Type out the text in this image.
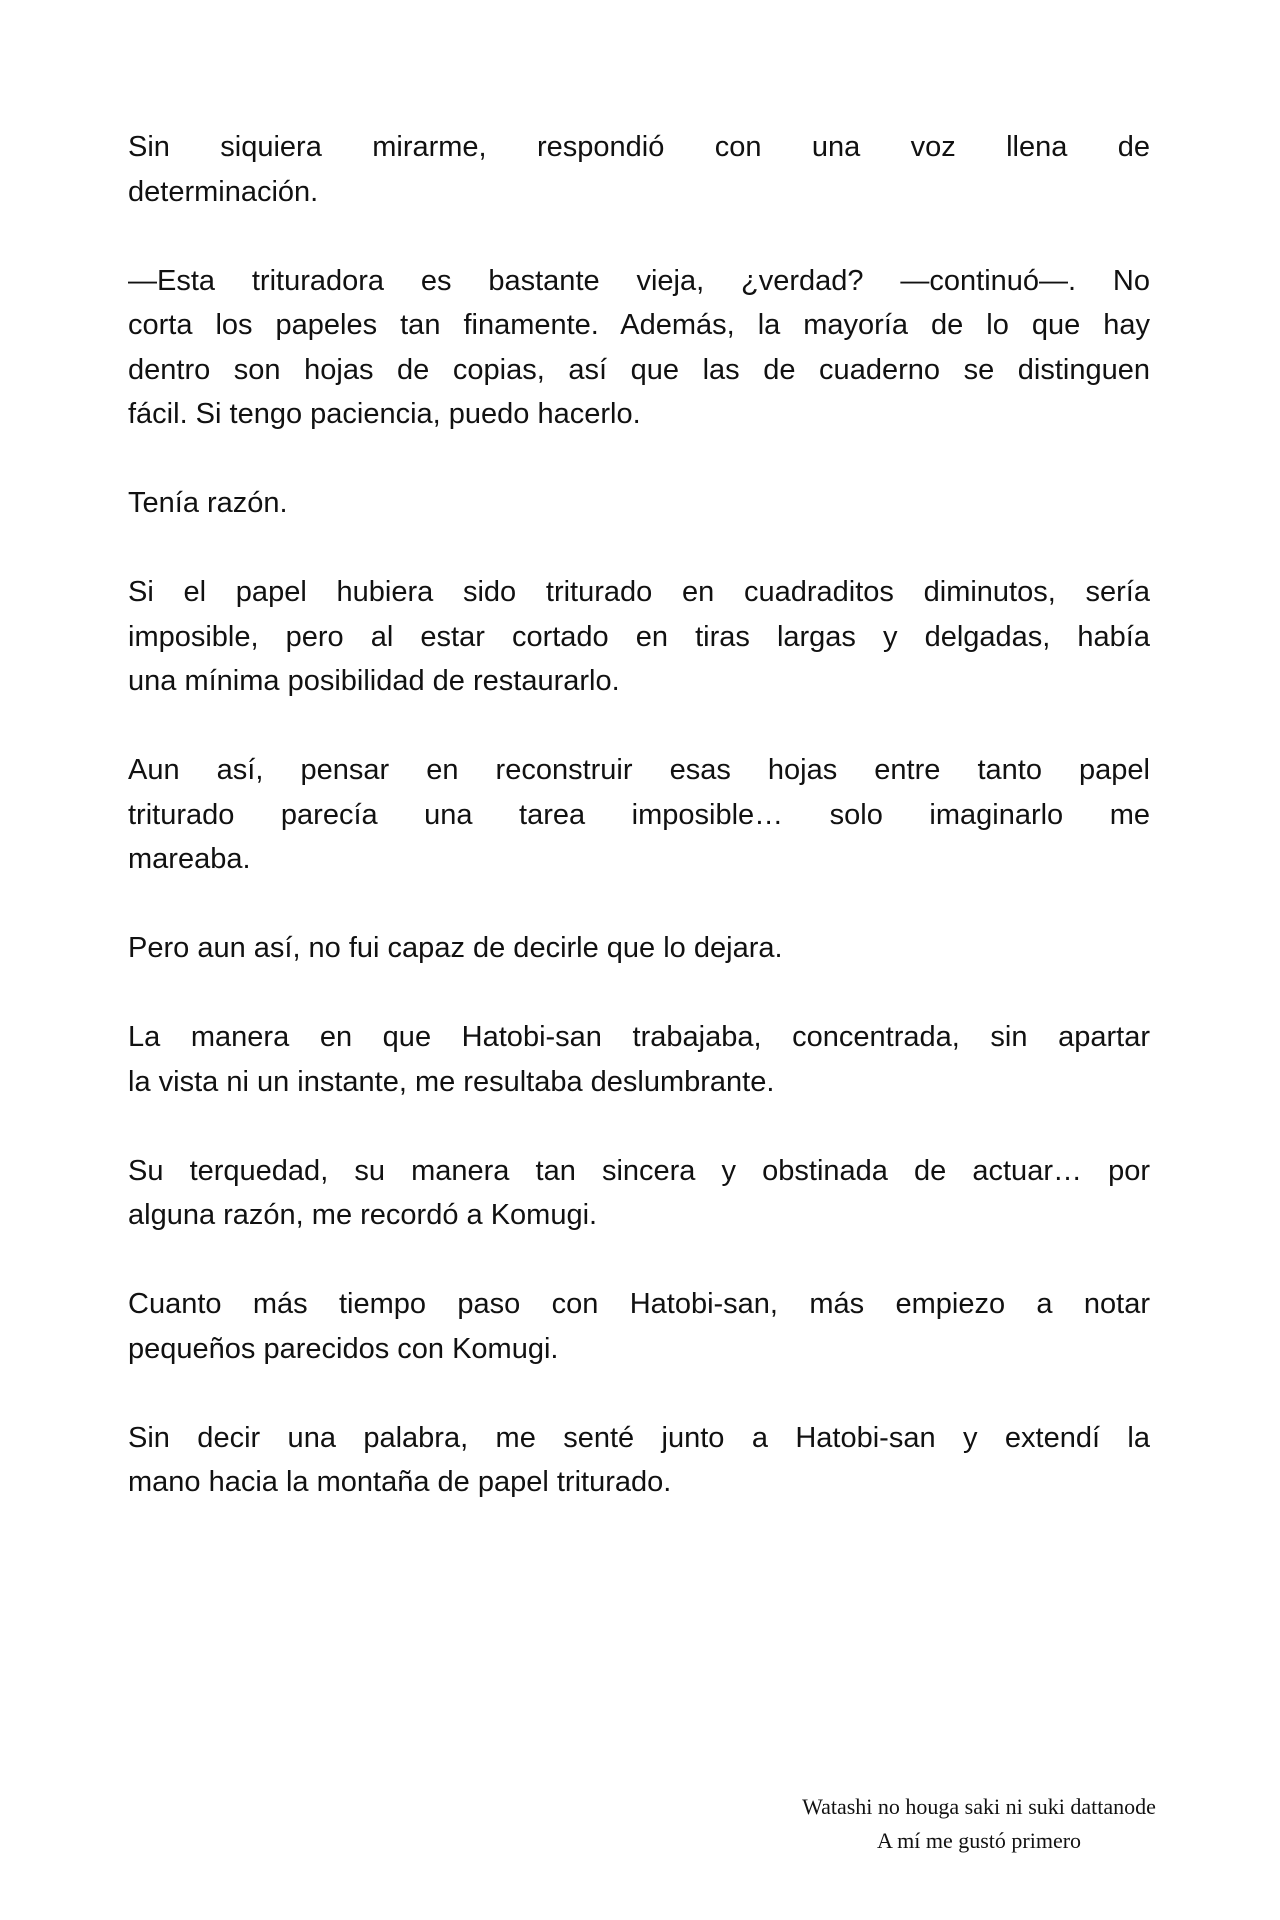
Sin siquiera mirarme, respondió con una voz llena de
determinación.
—Esta trituradora es bastante vieja, ¿verdad? —continuó—. No
corta los papeles tan finamente. Además, la mayoría de lo que hay
dentro son hojas de copias, así que las de cuaderno se distinguen
fácil. Si tengo paciencia, puedo hacerlo.
Tenía razón.
Si el papel hubiera sido triturado en cuadraditos diminutos, sería
imposible, pero al estar cortado en tiras largas y delgadas, había
una mínima posibilidad de restaurarlo.
Aun así, pensar en reconstruir esas hojas entre tanto papel
triturado parecía una tarea imposible… solo imaginarlo me
mareaba.
Pero aun así, no fui capaz de decirle que lo dejara.
La manera en que Hatobi-san trabajaba, concentrada, sin apartar
la vista ni un instante, me resultaba deslumbrante.
Su terquedad, su manera tan sincera y obstinada de actuar… por
alguna razón, me recordó a Komugi.
Cuanto más tiempo paso con Hatobi-san, más empiezo a notar
pequeños parecidos con Komugi.
Sin decir una palabra, me senté junto a Hatobi-san y extendí la
mano hacia la montaña de papel triturado.
Watashi no houga saki ni suki dattanode
A mí me gustó primero
